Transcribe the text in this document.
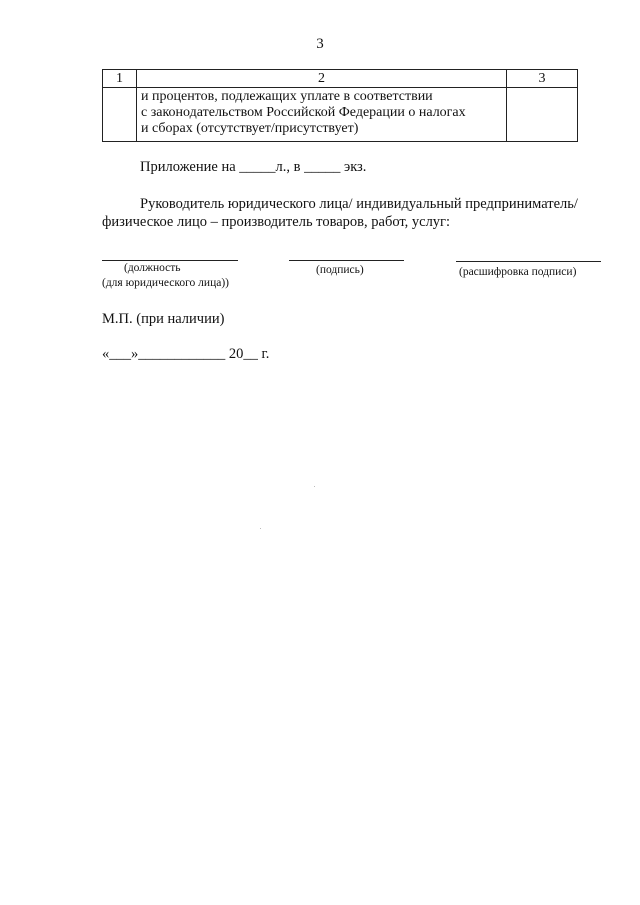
3
1	2	3

	и процентов, подлежащих уплате в соответствии
с законодательством Российской Федерации о налогах
и сборах (отсутствует/присутствует)	

Приложение на _____л., в _____ экз.
Руководитель юридического лица/ индивидуальный предприниматель/
физическое лицо – производитель товаров, работ, услуг:
(должность	(подпись)	(расшифровка подписи)
(для юридического лица))
М.П. (при наличии)
«___»____________ 20__ г.
